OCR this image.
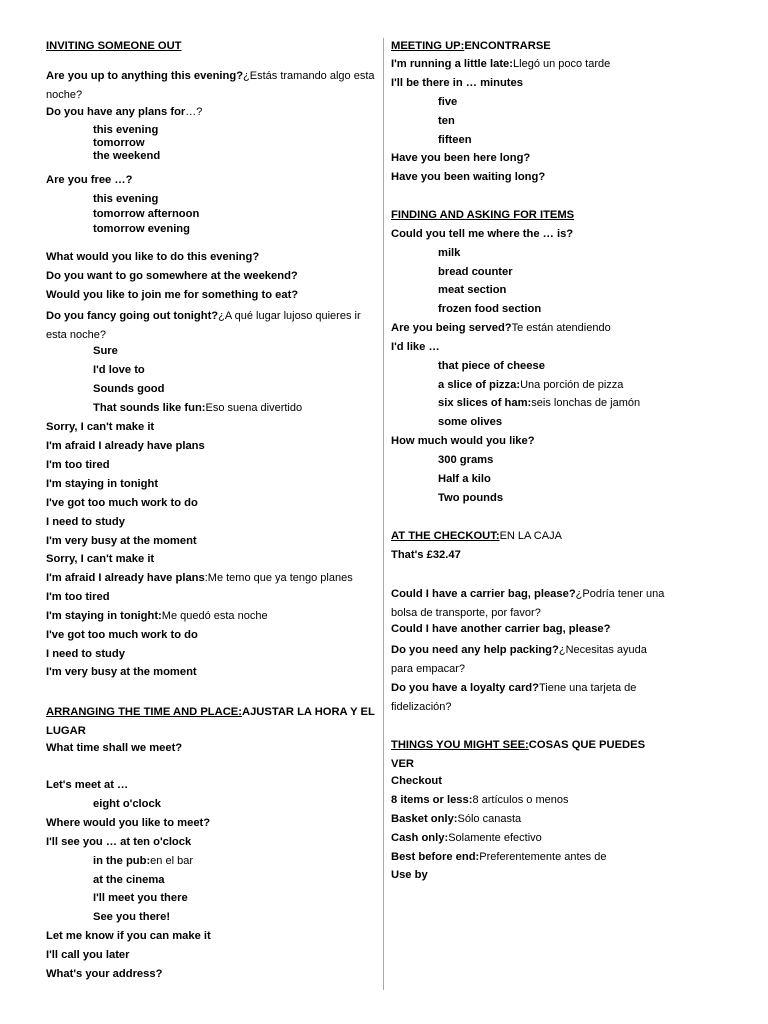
INVITING SOMEONE OUT
Are you up to anything this evening?¿Estás tramando algo esta noche?
Do you have any plans for…?
this evening
tomorrow
the weekend
Are you free …?
this evening
tomorrow afternoon
tomorrow evening
What would you like to do this evening?
Do you want to go somewhere at the weekend?
Would you like to join me for something to eat?
Do you fancy going out tonight?¿A qué lugar lujoso quieres ir esta noche?
Sure
I'd love to
Sounds good
That sounds like fun:Eso suena divertido
Sorry, I can't make it
I'm afraid I already have plans
I'm too tired
I'm staying in tonight
I've got too much work to do
I need to study
I'm very busy at the moment
Sorry, I can't make it
I'm afraid I already have plans:Me temo que ya tengo planes
I'm too tired
I'm staying in tonight:Me quedó esta noche
I've got too much work to do
I need to study
I'm very busy at the moment
ARRANGING THE TIME AND PLACE:AJUSTAR LA HORA Y EL LUGAR
What time shall we meet?
Let's meet at …
eight o'clock
Where would you like to meet?
I'll see you … at ten o'clock
in the pub:en el bar
at the cinema
I'll meet you there
See you there!
Let me know if you can make it
I'll call you later
What's your address?
MEETING UP:ENCONTRARSE
I'm running a little late:Llegó un poco tarde
I'll be there in … minutes
five
ten
fifteen
Have you been here long?
Have you been waiting long?
FINDING AND ASKING FOR ITEMS
Could you tell me where the … is?
milk
bread counter
meat section
frozen food section
Are you being served?Te están atendiendo
I'd like …
that piece of cheese
a slice of pizza:Una porción de pizza
six slices of ham:seis lonchas de jamón
some olives
How much would you like?
300 grams
Half a kilo
Two pounds
AT THE CHECKOUT:EN LA CAJA
That's £32.47
Could I have a carrier bag, please?¿Podría tener una bolsa de transporte, por favor?
Could I have another carrier bag, please?
Do you need any help packing?¿Necesitas ayuda para empacar?
Do you have a loyalty card?Tiene una tarjeta de fidelización?
THINGS YOU MIGHT SEE:COSAS QUE PUEDES VER
Checkout
8 items or less:8 artículos o menos
Basket only:Sólo canasta
Cash only:Solamente efectivo
Best before end:Preferentemente antes de
Use by
